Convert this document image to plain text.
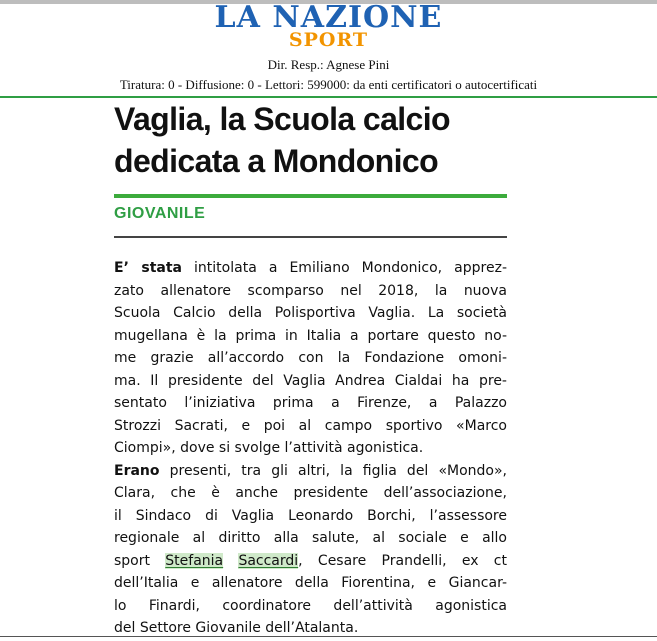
LA NAZIONE
SPORT
Dir. Resp.: Agnese Pini
Tiratura: 0 - Diffusione: 0 - Lettori: 599000: da enti certificatori o autocertificati
Vaglia, la Scuola calcio
dedicata a Mondonico
GIOVANILE
E’ stata intitolata a Emiliano Mondonico, apprez-
zato allenatore scomparso nel 2018, la nuova
Scuola Calcio della Polisportiva Vaglia. La società
mugellana è la prima in Italia a portare questo no-
me grazie all’accordo con la Fondazione omoni-
ma. Il presidente del Vaglia Andrea Cialdai ha pre-
sentato l’iniziativa prima a Firenze, a Palazzo
Strozzi Sacrati, e poi al campo sportivo «Marco
Ciompi», dove si svolge l’attività agonistica.
Erano presenti, tra gli altri, la figlia del «Mondo»,
Clara, che è anche presidente dell’associazione,
il Sindaco di Vaglia Leonardo Borchi, l’assessore
regionale al diritto alla salute, al sociale e allo
sport Stefania Saccardi, Cesare Prandelli, ex ct
dell’Italia e allenatore della Fiorentina, e Giancar-
lo Finardi, coordinatore dell’attività agonistica
del Settore Giovanile dell’Atalanta.
